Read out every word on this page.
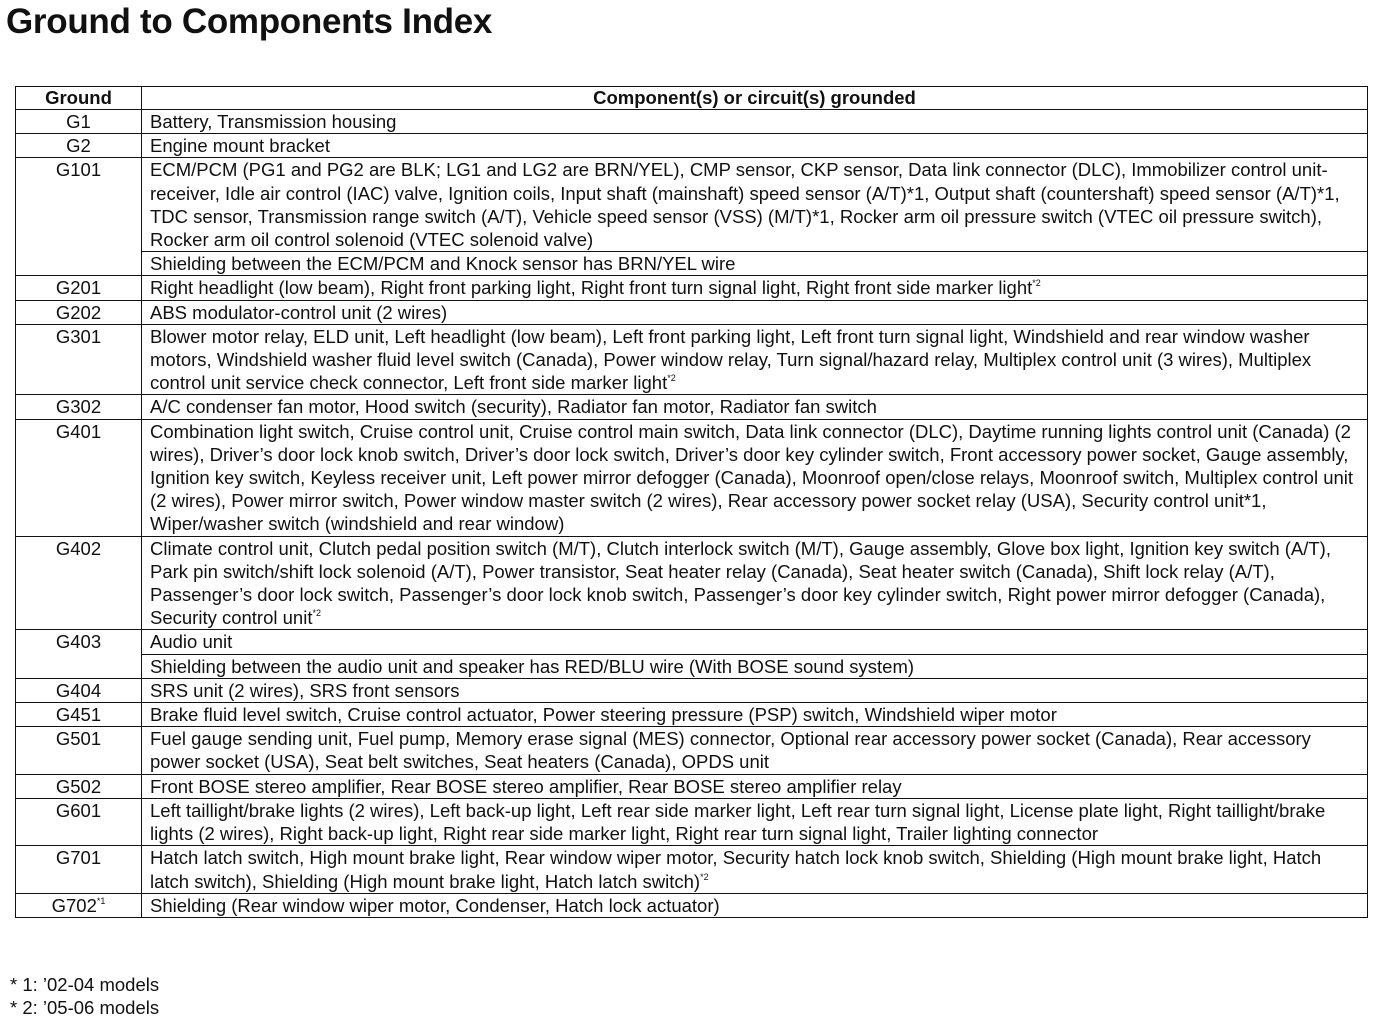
Ground to Components Index
Ground	Component(s) or circuit(s) grounded

G1	Battery, Transmission housing

G2	Engine mount bracket

G101	ECM/PCM (PG1 and PG2 are BLK; LG1 and LG2 are BRN/YEL), CMP sensor, CKP sensor, Data link connector (DLC), Immobilizer control unit-receiver, Idle air control (IAC) valve, Ignition coils, Input shaft (mainshaft) speed sensor (A/T)*1, Output shaft (countershaft) speed sensor (A/T)*1, TDC sensor, Transmission range switch (A/T), Vehicle speed sensor (VSS) (M/T)*1, Rocker arm oil pressure switch (VTEC oil pressure switch), Rocker arm oil control solenoid (VTEC solenoid valve)
Shielding between the ECM/PCM and Knock sensor has BRN/YEL wire

G201	Right headlight (low beam), Right front parking light, Right front turn signal light, Right front side marker light$^{*2}$

G202	ABS modulator-control unit (2 wires)

G301	Blower motor relay, ELD unit, Left headlight (low beam), Left front parking light, Left front turn signal light, Windshield and rear window washer motors, Windshield washer fluid level switch (Canada), Power window relay, Turn signal/hazard relay, Multiplex control unit (3 wires), Multiplex control unit service check connector, Left front side marker light$^{*2}$

G302	A/C condenser fan motor, Hood switch (security), Radiator fan motor, Radiator fan switch

G401	Combination light switch, Cruise control unit, Cruise control main switch, Data link connector (DLC), Daytime running lights control unit (Canada) (2 wires), Driver’s door lock knob switch, Driver’s door lock switch, Driver’s door key cylinder switch, Front accessory power socket, Gauge assembly, Ignition key switch, Keyless receiver unit, Left power mirror defogger (Canada), Moonroof open/close relays, Moonroof switch, Multiplex control unit (2 wires), Power mirror switch, Power window master switch (2 wires), Rear accessory power socket relay (USA), Security control unit*1, Wiper/washer switch (windshield and rear window)

G402	Climate control unit, Clutch pedal position switch (M/T), Clutch interlock switch (M/T), Gauge assembly, Glove box light, Ignition key switch (A/T), Park pin switch/shift lock solenoid (A/T), Power transistor, Seat heater relay (Canada), Seat heater switch (Canada), Shift lock relay (A/T), Passenger’s door lock switch, Passenger’s door lock knob switch, Passenger’s door key cylinder switch, Right power mirror defogger (Canada), Security control unit$^{*2}$

G403	Audio unit
Shielding between the audio unit and speaker has RED/BLU wire (With BOSE sound system)

G404	SRS unit (2 wires), SRS front sensors

G451	Brake fluid level switch, Cruise control actuator, Power steering pressure (PSP) switch, Windshield wiper motor

G501	Fuel gauge sending unit, Fuel pump, Memory erase signal (MES) connector, Optional rear accessory power socket (Canada), Rear accessory power socket (USA), Seat belt switches, Seat heaters (Canada), OPDS unit

G502	Front BOSE stereo amplifier, Rear BOSE stereo amplifier, Rear BOSE stereo amplifier relay

G601	Left taillight/brake lights (2 wires), Left back-up light, Left rear side marker light, Left rear turn signal light, License plate light, Right taillight/brake lights (2 wires), Right back-up light, Right rear side marker light, Right rear turn signal light, Trailer lighting connector

G701	Hatch latch switch, High mount brake light, Rear window wiper motor, Security hatch lock knob switch, Shielding (High mount brake light, Hatch latch switch), Shielding (High mount brake light, Hatch latch switch)$^{*2}$

G702$^{*1}$	Shielding (Rear window wiper motor, Condenser, Hatch lock actuator)
* 1: ’02-04 models
* 2: ’05-06 models
